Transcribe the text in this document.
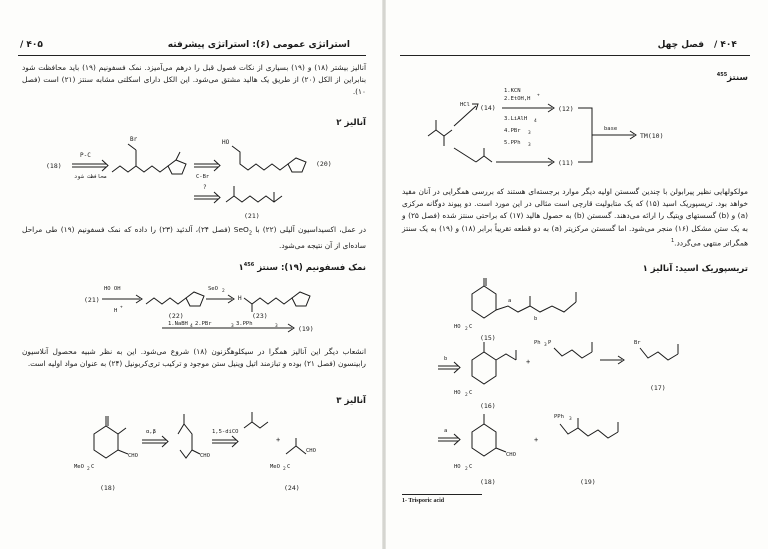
استراتژی عمومی (۶): استراتژی پیشرفته
۴۰۵ /
آنالیز بیشتر (۱۸) و (۱۹) بسیاری از نکات فصول قبل را درهم می‌آمیزد. نمک فسفونیم (۱۹) باید محافظت شود بنابراین از الکل (۲۰) از طریق یک هالید مشتق می‌شود. این الکل دارای اسکلتی مشابه سنتز (۲۱) است (فصل ۱۰).
آنالیز ۲
(18)
P-C
محافظت شود
Br
C-Br
HO
(20)
?
(21)
در عمل، اکسیداسیون آلیلی (۲۲) با SeO$_2$ (فصل ۲۴)، آلدئید (۲۳) را داده که نمک فسفونیم (۱۹) طی مراحل ساده‌ای از آن نتیجه می‌شود.
نمک فسفونیم (۱۹): سنتز $۱^{456}$
(21)
HO OH
H
+
(22)
SeO 2
H
(23)
1.NaBH 4 2.PBr	3 3.PPh	3	(19)
انشعاب دیگر این آنالیز همگرا در سیکلوهگزنون (۱۸) شروع می‌شود. این به نظر شبیه محصول آنلاسیون رابینسون (فصل ۲۱) بوده و تبازمند اتیل وینیل ستن موجود و ترکیب تری‌کربونیل (۲۴) به عنوان مواد اولیه است.
آنالیز ۳
CHO
MeO 2 C
(18)
α,β
CHO
1,5-diCO
+
CHO
MeO 2 C
(24)
فصل چهل	۴۰۴ /
سنتز$^{455}$
HCl (14)	(12)
1.KCN
2.EtOH,H
+
3.LiAlH 4
4.PBr 3
5.PPh 3
(11)
base
TM(10)
مولکولهایی نظیر پیرابولن با چندین گسستن اولیه دیگر موارد برجسته‌ای هستند که بررسی همگرایی در آنان مفید خواهد بود. تریسپوریک اسید (۱۵) که یک متابولیت قارچی است مثالی در این مورد است. دو پیوند دوگانه مرکزی (a) و (b) گسستهای ویتیگ را ارائه می‌دهند. گسستن (b) به حصول هالید (۱۷) که براحتی سنتز شده (فصل ۲۵) و به یک ستن مشکل (۱۶) منجر می‌شود. اما گسستن مرکزیتر (a) به دو قطعه تقریباً برابر (۱۸) و (۱۹) به یک سنتز همگراتر منتهی می‌گردد.$^1$
تریسپوریک اسید: آنالیز ۱
a
b
HO 2 C
(15)
b
HO 2 C
(16)
+
Ph 3 P	Br
(17)
a
CHO
HO 2 C
(18)
+
PPh 3
(19)
1- Trisporic acid
